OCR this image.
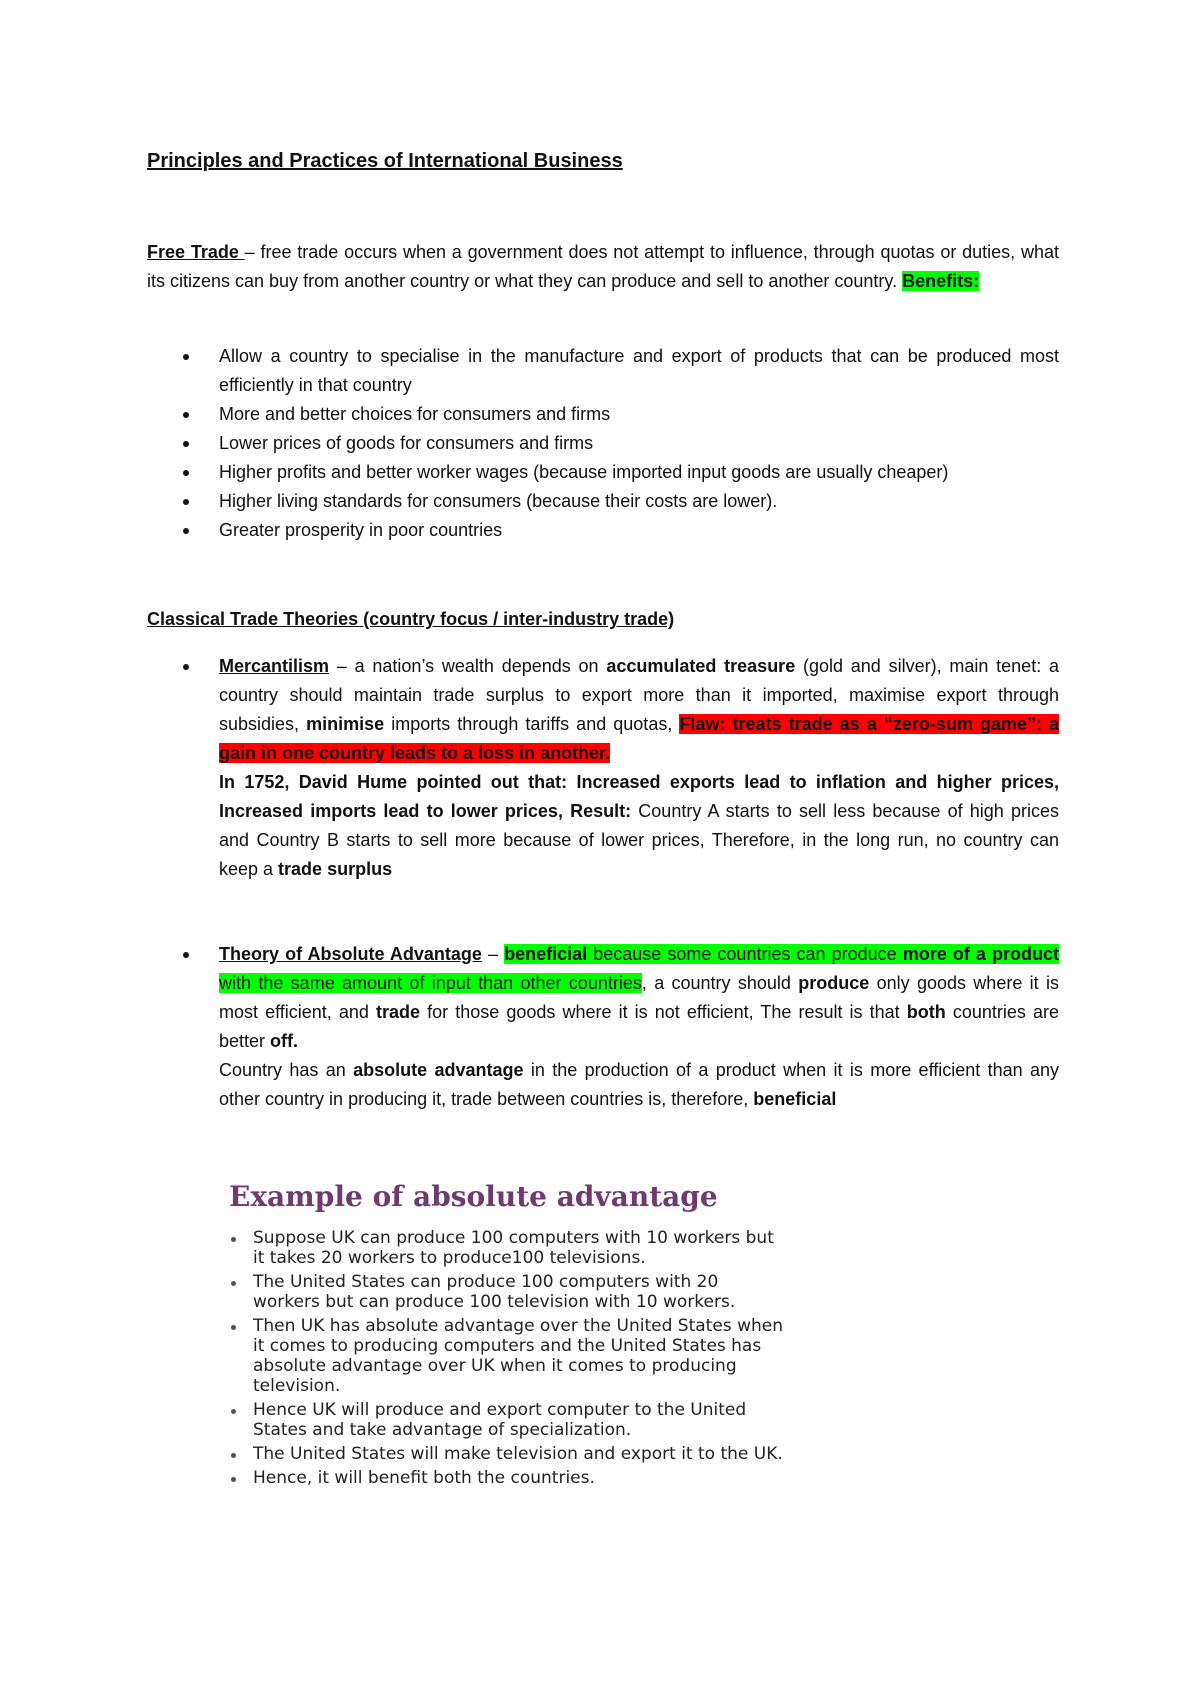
Principles and Practices of International Business

Free Trade – free trade occurs when a government does not attempt to influence, through quotas or duties, what its citizens can buy from another country or what they can produce and sell to another country. Benefits:

Allow a country to specialise in the manufacture and export of products that can be produced most efficiently in that country
More and better choices for consumers and firms
Lower prices of goods for consumers and firms
Higher profits and better worker wages (because imported input goods are usually cheaper)
Higher living standards for consumers (because their costs are lower).
Greater prosperity in poor countries
Classical Trade Theories (country focus / inter-industry trade)
Mercantilism – a nation’s wealth depends on accumulated treasure (gold and silver), main tenet: a country should maintain trade surplus to export more than it imported, maximise export through subsidies, minimise imports through tariffs and quotas, Flaw: treats trade as a “zero-sum game”: a gain in one country leads to a loss in another.
In 1752, David Hume pointed out that: Increased exports lead to inflation and higher prices, Increased imports lead to lower prices, Result: Country A starts to sell less because of high prices and Country B starts to sell more because of lower prices, Therefore, in the long run, no country can keep a trade surplus
Theory of Absolute Advantage – beneficial because some countries can produce more of a product with the same amount of input than other countries, a country should produce only goods where it is most efficient, and trade for those goods where it is not efficient, The result is that both countries are better off.
Country has an absolute advantage in the production of a product when it is more efficient than any other country in producing it, trade between countries is, therefore, beneficial
Example of absolute advantage
Suppose UK can produce 100 computers with 10 workers but it takes 20 workers to produce100 televisions.
The United States can produce 100 computers with 20 workers but can produce 100 television with 10 workers.
Then UK has absolute advantage over the United States when it comes to producing computers and the United States has absolute advantage over UK when it comes to producing television.
Hence UK will produce and export computer to the United States and take advantage of specialization.
The United States will make television and export it to the UK.
Hence, it will benefit both the countries.
